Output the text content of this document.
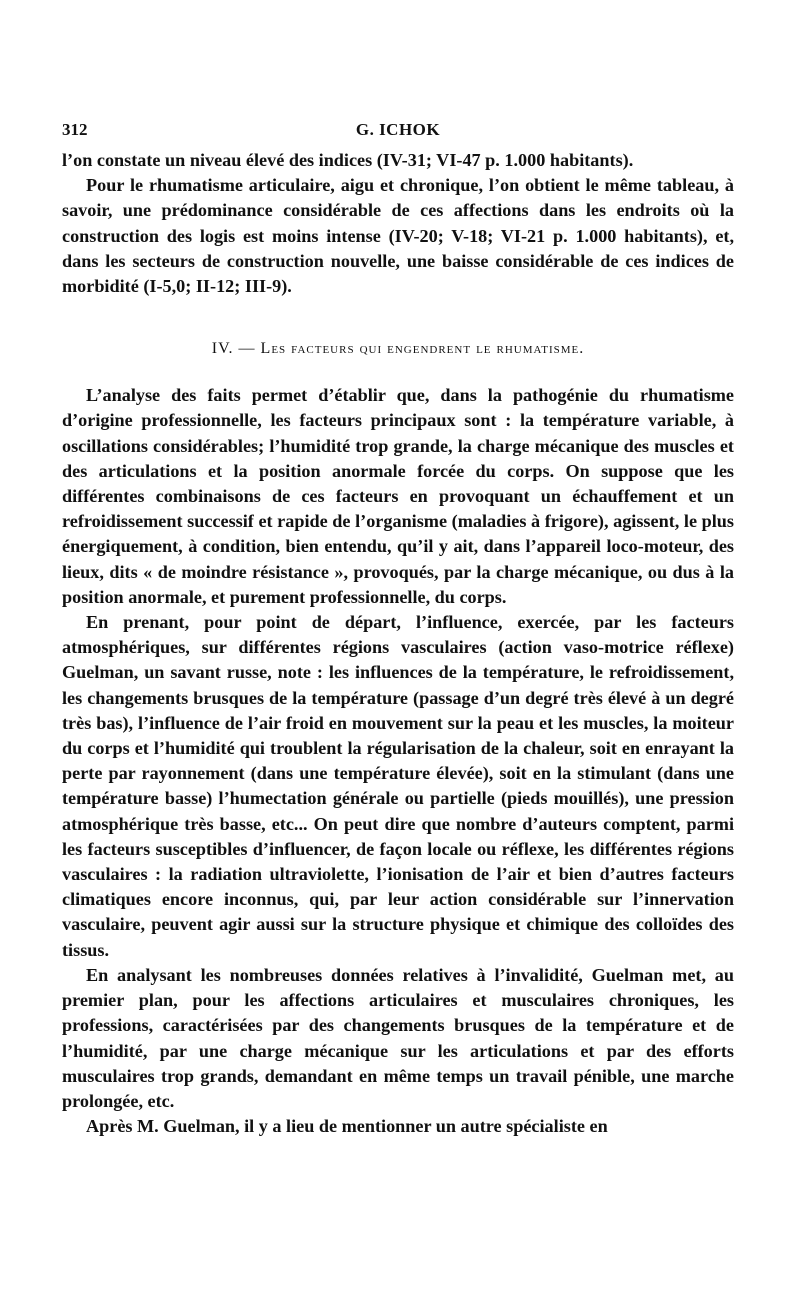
312	G. ICHOK

l’on constate un niveau élevé des indices (IV-31; VI-47 p. 1.000 habitants).

Pour le rhumatisme articulaire, aigu et chronique, l’on obtient le même tableau, à savoir, une prédominance considérable de ces affections dans les endroits où la construction des logis est moins intense (IV-20; V-18; VI-21 p. 1.000 habitants), et, dans les secteurs de construction nouvelle, une baisse considérable de ces indices de morbidité (I-5,0; II-12; III-9).

IV. — Les facteurs qui engendrent le rhumatisme.

L’analyse des faits permet d’établir que, dans la pathogénie du rhumatisme d’origine professionnelle, les facteurs principaux sont : la température variable, à oscillations considérables; l’humidité trop grande, la charge mécanique des muscles et des articulations et la position anormale forcée du corps. On suppose que les différentes combinaisons de ces facteurs en provoquant un échauffement et un refroidissement successif et rapide de l’organisme (maladies à frigore), agissent, le plus énergiquement, à condition, bien entendu, qu’il y ait, dans l’appareil loco-moteur, des lieux, dits « de moindre résistance », provoqués, par la charge mécanique, ou dus à la position anormale, et purement professionnelle, du corps.

En prenant, pour point de départ, l’influence, exercée, par les facteurs atmosphériques, sur différentes régions vasculaires (action vaso-motrice réflexe) Guelman, un savant russe, note : les influences de la température, le refroidissement, les changements brusques de la température (passage d’un degré très élevé à un degré très bas), l’influence de l’air froid en mouvement sur la peau et les muscles, la moiteur du corps et l’humidité qui troublent la régularisation de la chaleur, soit en enrayant la perte par rayonnement (dans une température élevée), soit en la stimulant (dans une température basse) l’humectation générale ou partielle (pieds mouillés), une pression atmosphérique très basse, etc... On peut dire que nombre d’auteurs comptent, parmi les facteurs susceptibles d’influencer, de façon locale ou réflexe, les différentes régions vasculaires : la radiation ultraviolette, l’ionisation de l’air et bien d’autres facteurs climatiques encore inconnus, qui, par leur action considérable sur l’innervation vasculaire, peuvent agir aussi sur la structure physique et chimique des colloïdes des tissus.

En analysant les nombreuses données relatives à l’invalidité, Guelman met, au premier plan, pour les affections articulaires et musculaires chroniques, les professions, caractérisées par des changements brusques de la température et de l’humidité, par une charge mécanique sur les articulations et par des efforts musculaires trop grands, demandant en même temps un travail pénible, une marche prolongée, etc.

Après M. Guelman, il y a lieu de mentionner un autre spécialiste en
